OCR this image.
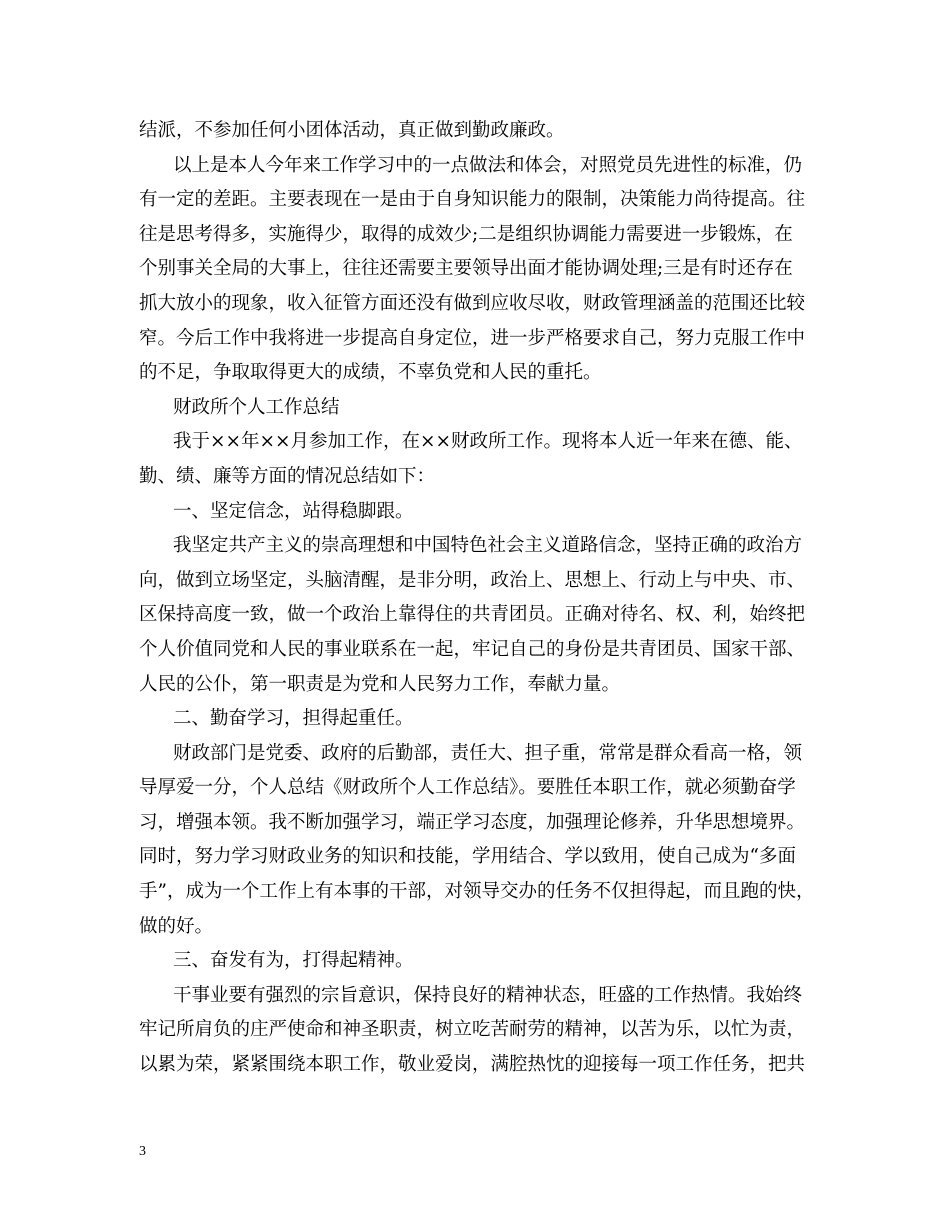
结派，不参加任何小团体活动，真正做到勤政廉政。
以上是本人今年来工作学习中的一点做法和体会，对照党员先进性的标准，仍
有一定的差距。主要表现在一是由于自身知识能力的限制，决策能力尚待提高。往
往是思考得多，实施得少，取得的成效少;二是组织协调能力需要进一步锻炼，在
个别事关全局的大事上，往往还需要主要领导出面才能协调处理;三是有时还存在
抓大放小的现象，收入征管方面还没有做到应收尽收，财政管理涵盖的范围还比较
窄。今后工作中我将进一步提高自身定位，进一步严格要求自己，努力克服工作中
的不足，争取取得更大的成绩，不辜负党和人民的重托。
财政所个人工作总结
我于××年××月参加工作，在××财政所工作。现将本人近一年来在德、能、
勤、绩、廉等方面的情况总结如下：
一、坚定信念，站得稳脚跟。
我坚定共产主义的崇高理想和中国特色社会主义道路信念，坚持正确的政治方
向，做到立场坚定，头脑清醒，是非分明，政治上、思想上、行动上与中央、市、
区保持高度一致，做一个政治上靠得住的共青团员。正确对待名、权、利，始终把
个人价值同党和人民的事业联系在一起，牢记自己的身份是共青团员、国家干部、
人民的公仆，第一职责是为党和人民努力工作，奉献力量。
二、勤奋学习，担得起重任。
财政部门是党委、政府的后勤部，责任大、担子重，常常是群众看高一格，领
导厚爱一分，个人总结《财政所个人工作总结》。要胜任本职工作，就必须勤奋学
习，增强本领。我不断加强学习，端正学习态度，加强理论修养，升华思想境界。
同时，努力学习财政业务的知识和技能，学用结合、学以致用，使自己成为“多面
手”，成为一个工作上有本事的干部，对领导交办的任务不仅担得起，而且跑的快，
做的好。
三、奋发有为，打得起精神。
干事业要有强烈的宗旨意识，保持良好的精神状态，旺盛的工作热情。我始终
牢记所肩负的庄严使命和神圣职责，树立吃苦耐劳的精神，以苦为乐，以忙为责，
以累为荣，紧紧围绕本职工作，敬业爱岗，满腔热忱的迎接每一项工作任务，把共
3
